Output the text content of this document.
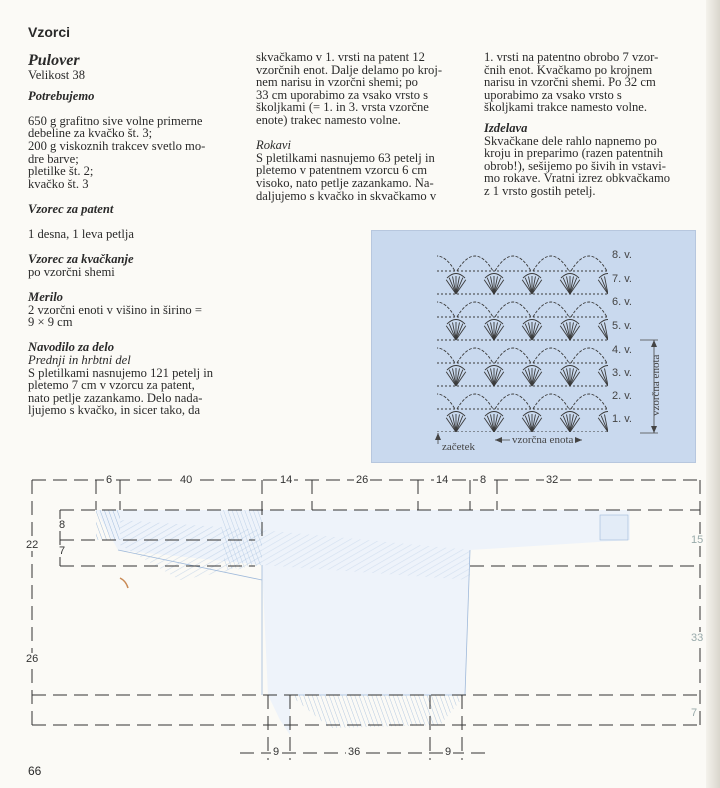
Vzorci

Pulover

Velikost 38

Potrebujemo

650 g grafitno sive volne primerne
debeline za kvačko št. 3;
200 g viskoznih trakcev svetlo mo-
dre barve;
pletilke št. 2;
kvačko št. 3

Vzorec za patent

1 desna, 1 leva petlja

Vzorec za kvačkanje

po vzorčni shemi

Merilo

2 vzorčni enoti v višino in širino =
9 × 9 cm

Navodilo za delo

Prednji in hrbtni del

S pletilkami nasnujemo 121 petelj in
pletemo 7 cm v vzorcu za patent,
nato petlje zazankamo. Delo nada-
ljujemo s kvačko, in sicer tako, da
skvačkamo v 1. vrsti na patent 12
vzorčnih enot. Dalje delamo po kroj-
nem narisu in vzorčni shemi; po
33 cm uporabimo za vsako vrsto s
školjkami (= 1. in 3. vrsta vzorčne
enote) trakec namesto volne.

Rokavi

S pletilkami nasnujemo 63 petelj in
pletemo v patentnem vzorcu 6 cm
visoko, nato petlje zazankamo. Na-
daljujemo s kvačko in skvačkamo v
1. vrsti na patentno obrobo 7 vzor-
čnih enot. Kvačkamo po krojnem
narisu in vzorčni shemi. Po 32 cm
uporabimo za vsako vrsto s
školjkami trakce namesto volne.

Izdelava

Skvačkane dele rahlo napnemo po
kroju in preparimo (razen patentnih
obrob!), sešijemo po šivih in vstavi-
mo rokave. Vratni izrez obkvačkamo
z 1 vrsto gostih petelj.
8. v.
7. v.
6. v.
5. v.
4. v.
3. v.
2. v.
1. v.
vzorčna enota
začetek
vzorčna enota
6	40	14	26	14	8	32
22
8
7
26
15
33
7
9	36	9
66
